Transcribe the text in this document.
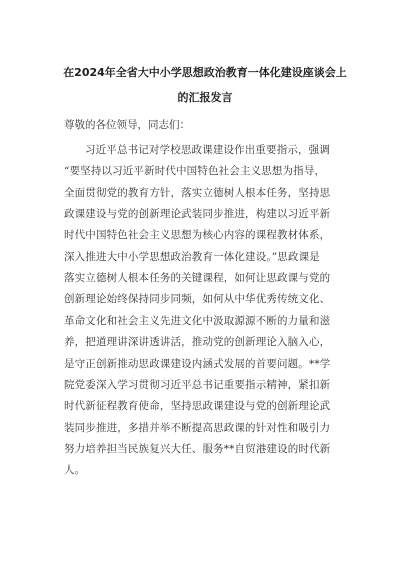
在2024年全省大中小学思想政治教育一体化建设座谈会上
的汇报发言
尊敬的各位领导，同志们：
习近平总书记对学校思政课建设作出重要指示，强调
“要坚持以习近平新时代中国特色社会主义思想为指导，
全面贯彻党的教育方针，落实立德树人根本任务，坚持思
政课建设与党的创新理论武装同步推进，构建以习近平新
时代中国特色社会主义思想为核心内容的课程教材体系，
深入推进大中小学思想政治教育一体化建设。”思政课是
落实立德树人根本任务的关键课程，如何让思政课与党的
创新理论始终保持同步同频，如何从中华优秀传统文化、
革命文化和社会主义先进文化中汲取源源不断的力量和滋
养，把道理讲深讲透讲活，推动党的创新理论入脑入心，
是守正创新推动思政课建设内涵式发展的首要问题。**学
院党委深入学习贯彻习近平总书记重要指示精神，紧扣新
时代新征程教育使命，坚持思政课建设与党的创新理论武
装同步推进，多措并举不断提高思政课的针对性和吸引力
努力培养担当民族复兴大任、服务**自贸港建设的时代新
人。
